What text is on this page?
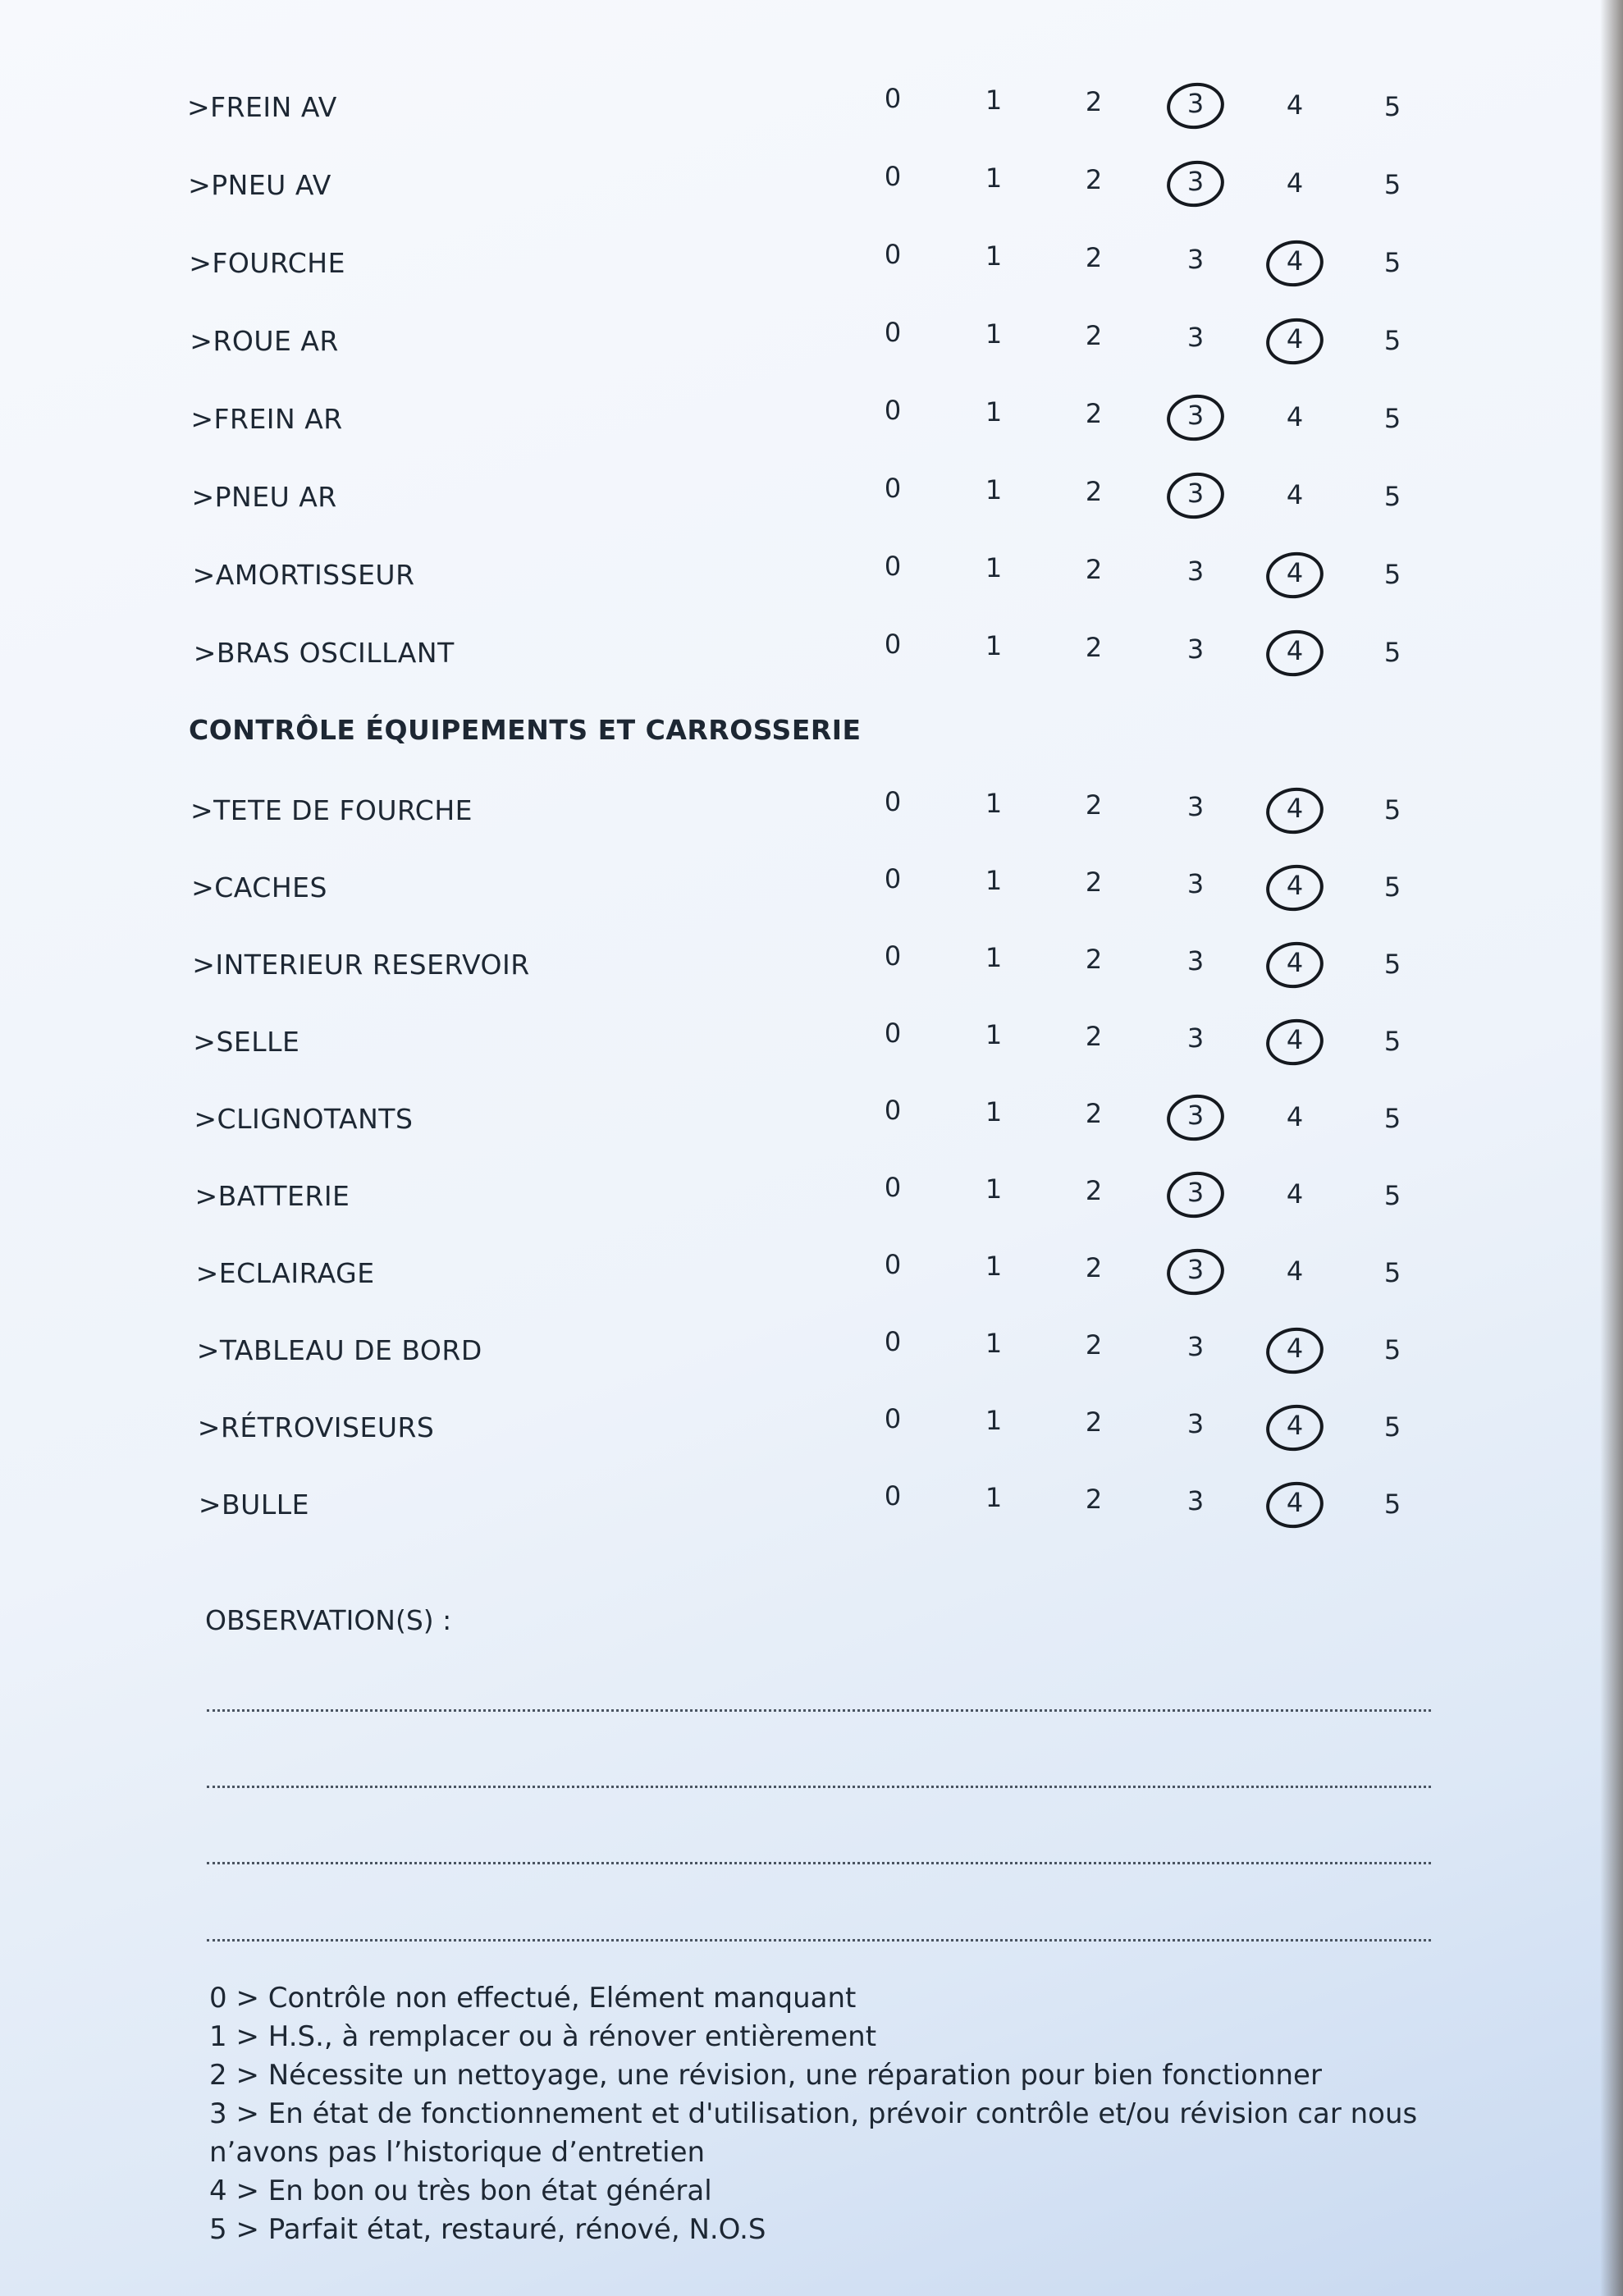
>FREIN AV	0	1	2	3	4	5
>PNEU AV	0	1	2	3	4	5
>FOURCHE	0	1	2	3	4	5
>ROUE AR	0	1	2	3	4	5
>FREIN AR	0	1	2	3	4	5
>PNEU AR	0	1	2	3	4	5
>AMORTISSEUR	0	1	2	3	4	5
>BRAS OSCILLANT	0	1	2	3	4	5
>TETE DE FOURCHE	0	1	2	3	4	5
>CACHES	0	1	2	3	4	5
>INTERIEUR RESERVOIR	0	1	2	3	4	5
>SELLE	0	1	2	3	4	5
>CLIGNOTANTS	0	1	2	3	4	5
>BATTERIE	0	1	2	3	4	5
>ECLAIRAGE	0	1	2	3	4	5
>TABLEAU DE BORD	0	1	2	3	4	5
>RÉTROVISEURS	0	1	2	3	4	5
>BULLE	0	1	2	3	4	5
CONTRÔLE ÉQUIPEMENTS ET CARROSSERIE
OBSERVATION(S) :
0 > Contrôle non effectué, Elément manquant
1 > H.S., à remplacer ou à rénover entièrement
2 > Nécessite un nettoyage, une révision, une réparation pour bien fonctionner
3 > En état de fonctionnement et d'utilisation, prévoir contrôle et/ou révision car nous n’avons pas l’historique d’entretien
4 > En bon ou très bon état général
5 > Parfait état, restauré, rénové, N.O.S
